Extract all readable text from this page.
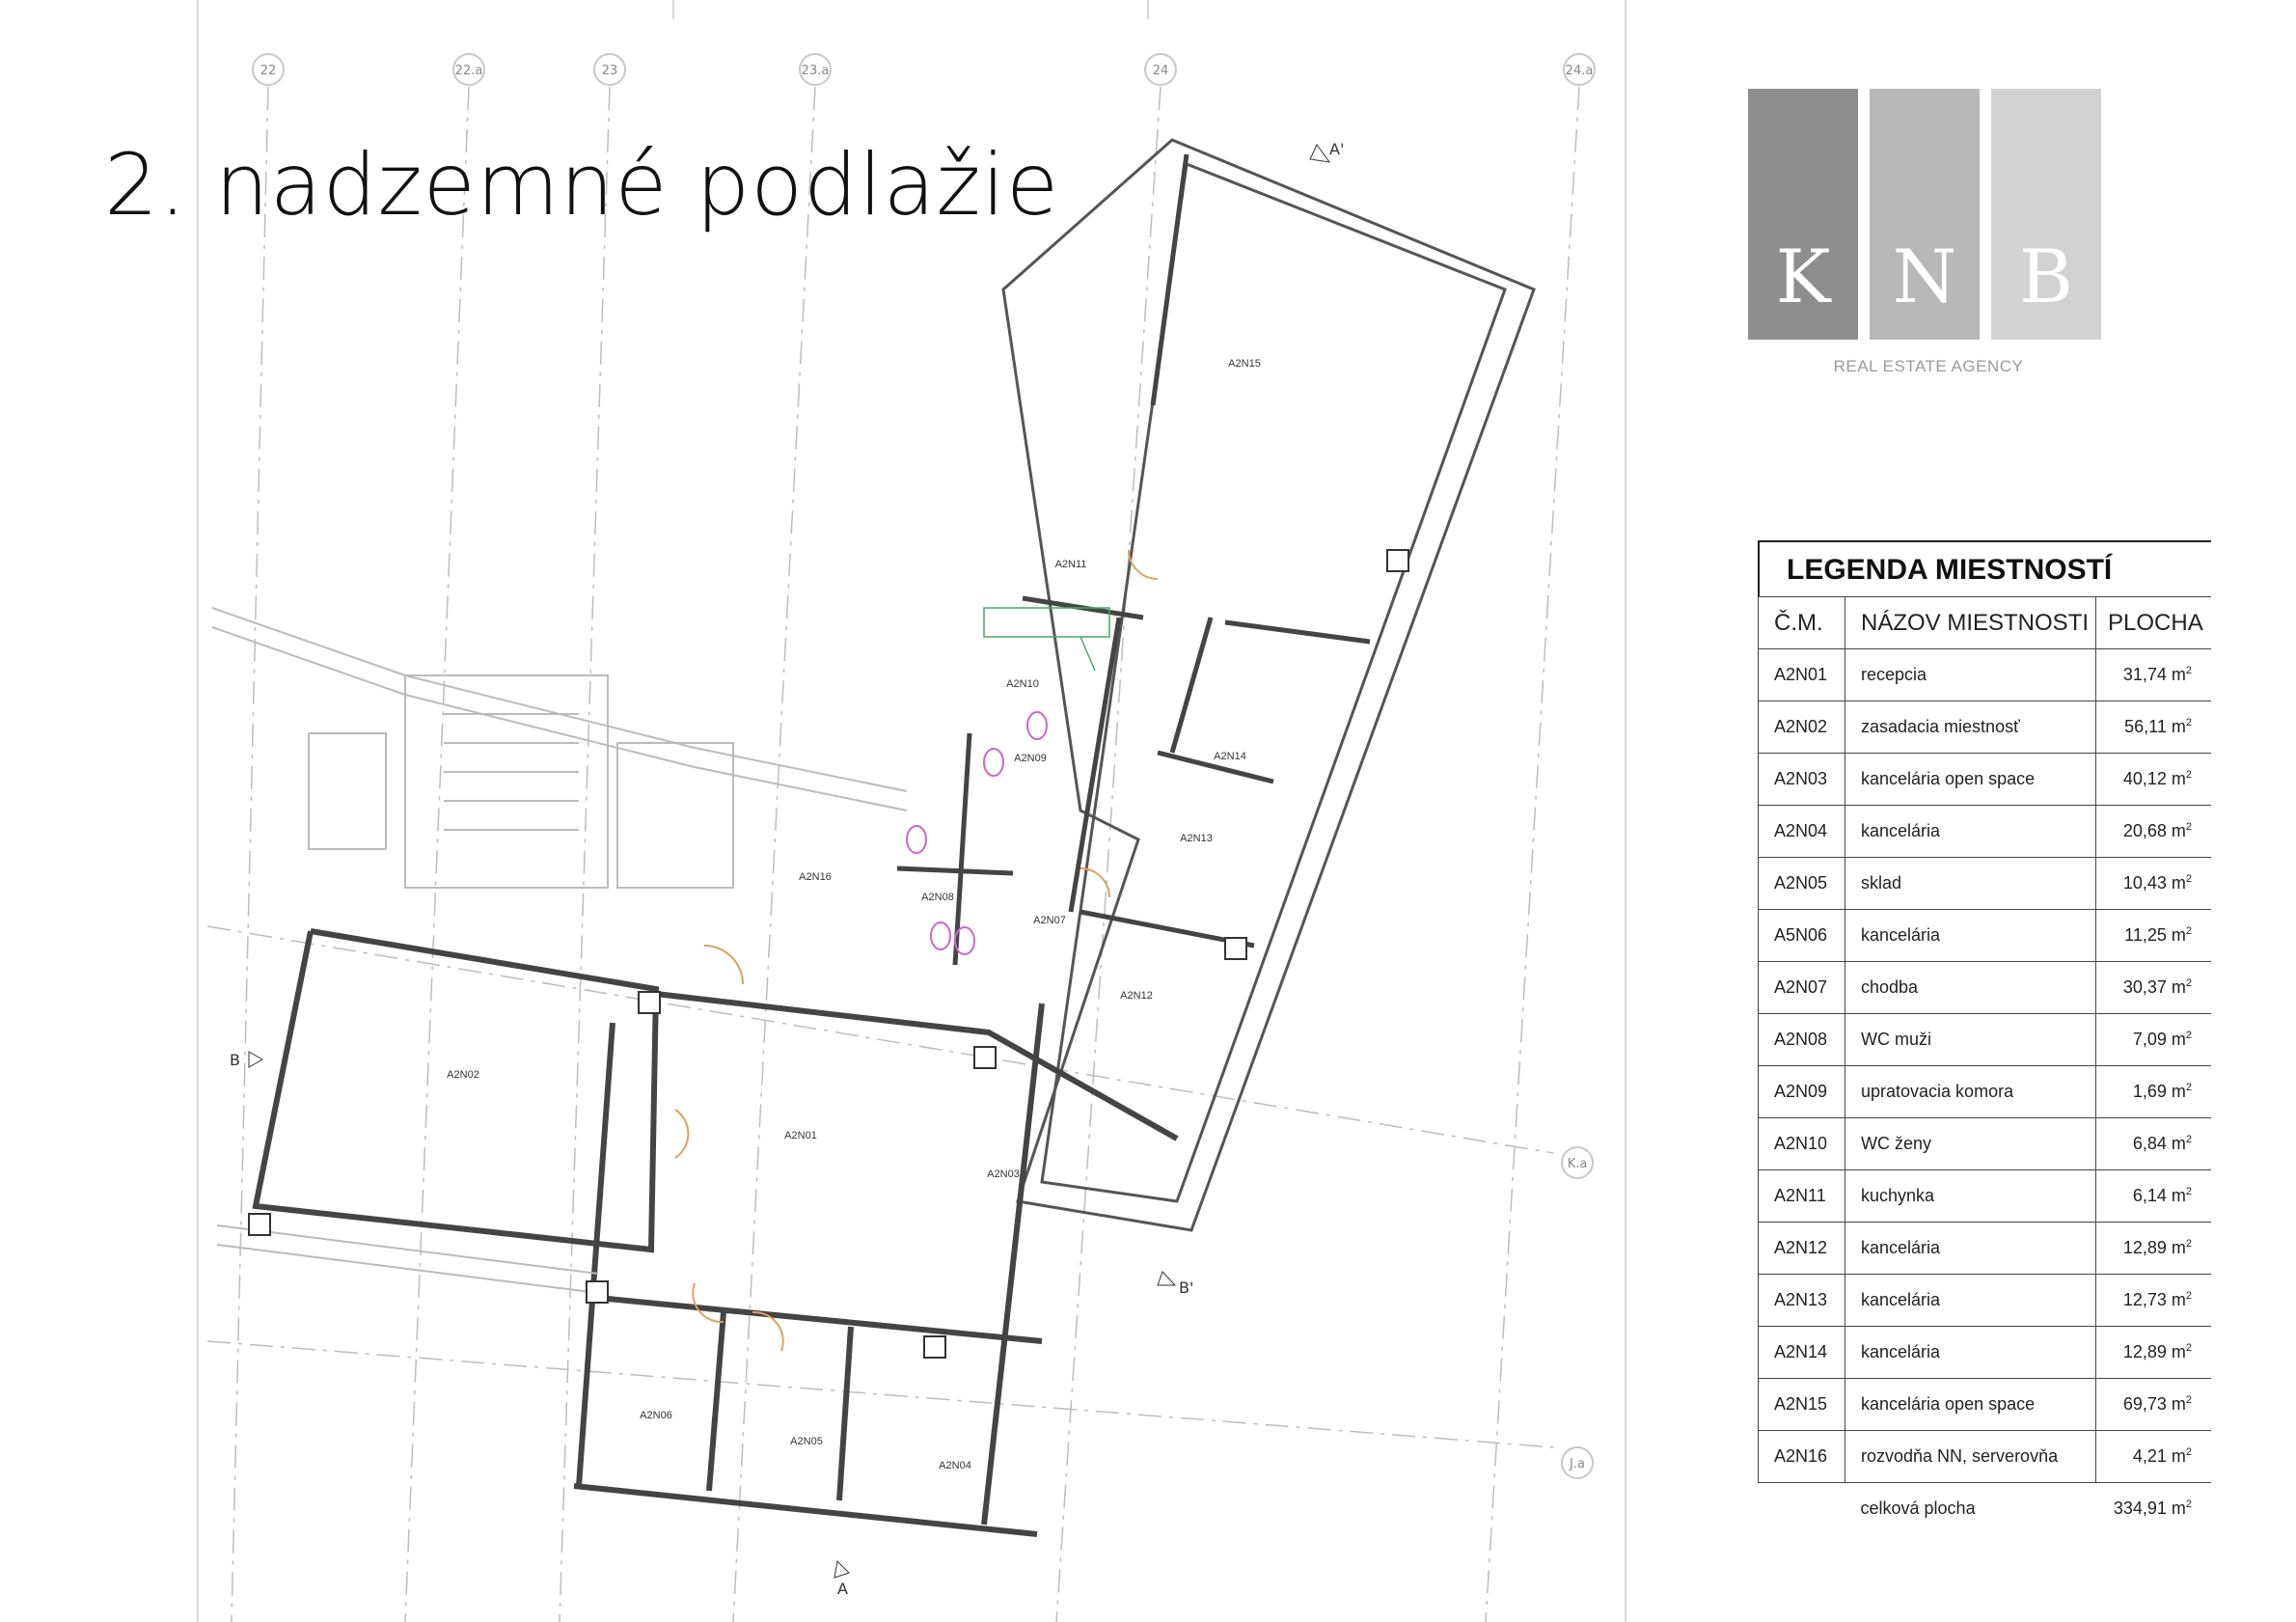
22	22.a	23	23.a	24	24.a
K.a
J.a
A'
A
B
B'
A2N01
A2N02
A2N03
A2N04
A2N05
A2N06
A2N07
A2N08
A2N09
A2N10
A2N11
A2N12
A2N13
A2N14
A2N15
A2N16
2. nadzemné podlažie
K N B
REAL ESTATE AGENCY
LEGENDA MIESTNOSTÍ
Č.M.	NÁZOV MIESTNOSTI	PLOCHA
A2N01	recepcia	31,74 $m^2$
A2N02	zasadacia miestnosť	56,11 $m^2$
A2N03	kancelária open space	40,12 $m^2$
A2N04	kancelária	20,68 $m^2$
A2N05	sklad	10,43 $m^2$
A5N06	kancelária	11,25 $m^2$
A2N07	chodba	30,37 $m^2$
A2N08	WC muži	7,09 $m^2$
A2N09	upratovacia komora	1,69 $m^2$
A2N10	WC ženy	6,84 $m^2$
A2N11	kuchynka	6,14 $m^2$
A2N12	kancelária	12,89 $m^2$
A2N13	kancelária	12,73 $m^2$
A2N14	kancelária	12,89 $m^2$
A2N15	kancelária open space	69,73 $m^2$
A2N16	rozvodňa NN, serverovňa	4,21 $m^2$
	celková plocha	334,91 $m^2$
